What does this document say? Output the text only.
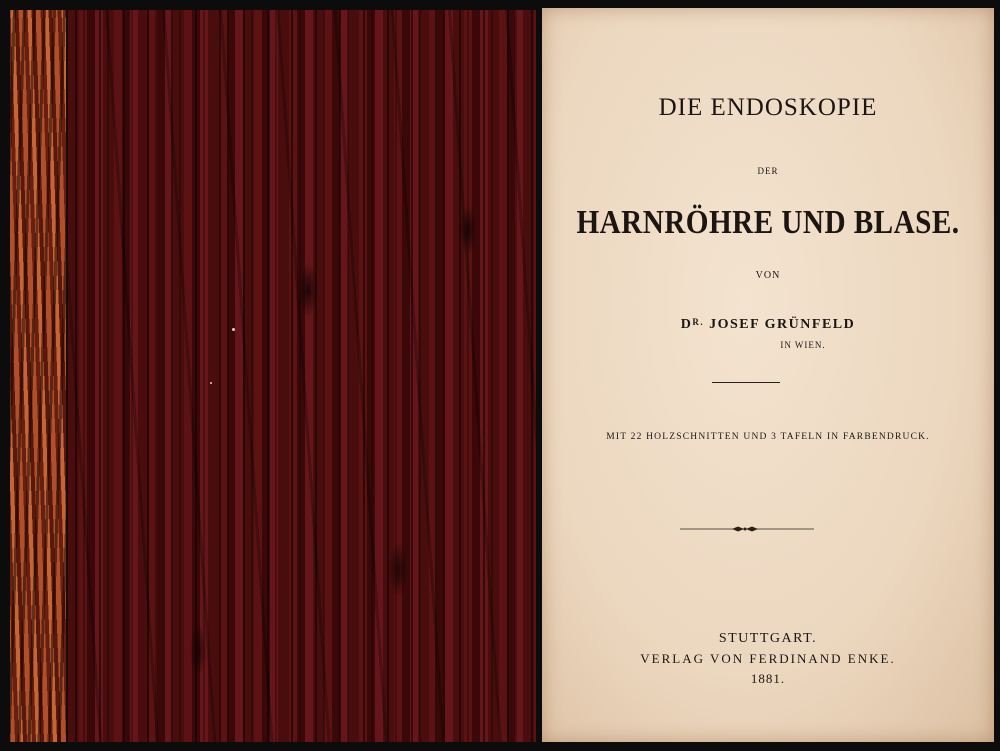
DIE ENDOSKOPIE
DER
HARNRÖHRE UND BLASE.
VON
$D^{R.}$ JOSEF GRÜNFELD
IN WIEN.
MIT 22 HOLZSCHNITTEN UND 3 TAFELN IN FARBENDRUCK.
STUTTGART.
VERLAG VON FERDINAND ENKE.
1881.
